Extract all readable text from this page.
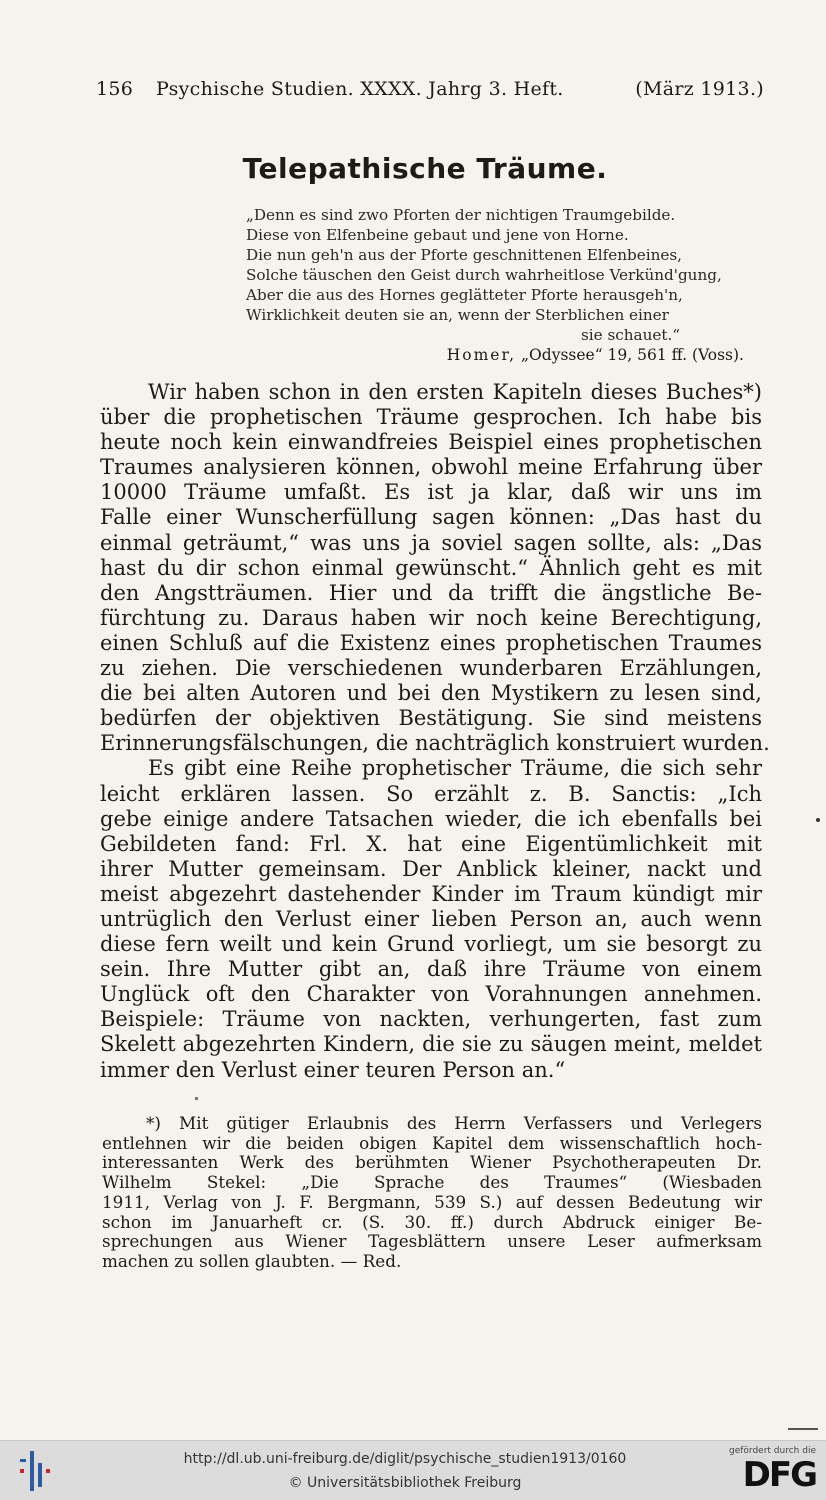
156	Psychische Studien. XXXX. Jahrg 3. Heft.	(März 1913.)
Telepathische Träume.
„Denn es sind zwo Pforten der nichtigen Traumgebilde.
Diese von Elfenbeine gebaut und jene von Horne.
Die nun geh'n aus der Pforte geschnittenen Elfenbeines,
Solche täuschen den Geist durch wahrheitlose Verkünd'gung,
Aber die aus des Hornes geglätteter Pforte herausgeh'n,
Wirklichkeit deuten sie an, wenn der Sterblichen einer
sie schauet.“
Homer, „Odyssee“ 19, 561 ff. (Voss).
Wir haben schon in den ersten Kapiteln dieses Buches*)
über die prophetischen Träume gesprochen. Ich habe bis
heute noch kein einwandfreies Beispiel eines prophetischen
Traumes analysieren können, obwohl meine Erfahrung über
10000 Träume umfaßt. Es ist ja klar, daß wir uns im
Falle einer Wunscherfüllung sagen können: „Das hast du
einmal geträumt,“ was uns ja soviel sagen sollte, als: „Das
hast du dir schon einmal gewünscht.“ Ähnlich geht es mit
den Angstträumen. Hier und da trifft die ängstliche Be-
fürchtung zu. Daraus haben wir noch keine Berechtigung,
einen Schluß auf die Existenz eines prophetischen Traumes
zu ziehen. Die verschiedenen wunderbaren Erzählungen,
die bei alten Autoren und bei den Mystikern zu lesen sind,
bedürfen der objektiven Bestätigung. Sie sind meistens
Erinnerungsfälschungen, die nachträglich konstruiert wurden.
Es gibt eine Reihe prophetischer Träume, die sich sehr
leicht erklären lassen. So erzählt z. B. Sanctis: „Ich
gebe einige andere Tatsachen wieder, die ich ebenfalls bei
Gebildeten fand: Frl. X. hat eine Eigentümlichkeit mit
ihrer Mutter gemeinsam. Der Anblick kleiner, nackt und
meist abgezehrt dastehender Kinder im Traum kündigt mir
untrüglich den Verlust einer lieben Person an, auch wenn
diese fern weilt und kein Grund vorliegt, um sie besorgt zu
sein. Ihre Mutter gibt an, daß ihre Träume von einem
Unglück oft den Charakter von Vorahnungen annehmen.
Beispiele: Träume von nackten, verhungerten, fast zum
Skelett abgezehrten Kindern, die sie zu säugen meint, meldet
immer den Verlust einer teuren Person an.“
*) Mit gütiger Erlaubnis des Herrn Verfassers und Verlegers
entlehnen wir die beiden obigen Kapitel dem wissenschaftlich hoch-
interessanten Werk des berühmten Wiener Psychotherapeuten Dr.
Wilhelm Stekel: „Die Sprache des Traumes“ (Wiesbaden
1911, Verlag von J. F. Bergmann, 539 S.) auf dessen Bedeutung wir
schon im Januarheft cr. (S. 30. ff.) durch Abdruck einiger Be-
sprechungen aus Wiener Tagesblättern unsere Leser aufmerksam
machen zu sollen glaubten. — Red.
http://dl.ub.uni-freiburg.de/diglit/psychische_studien1913/0160
© Universitätsbibliothek Freiburg
gefördert durch die
DFG
